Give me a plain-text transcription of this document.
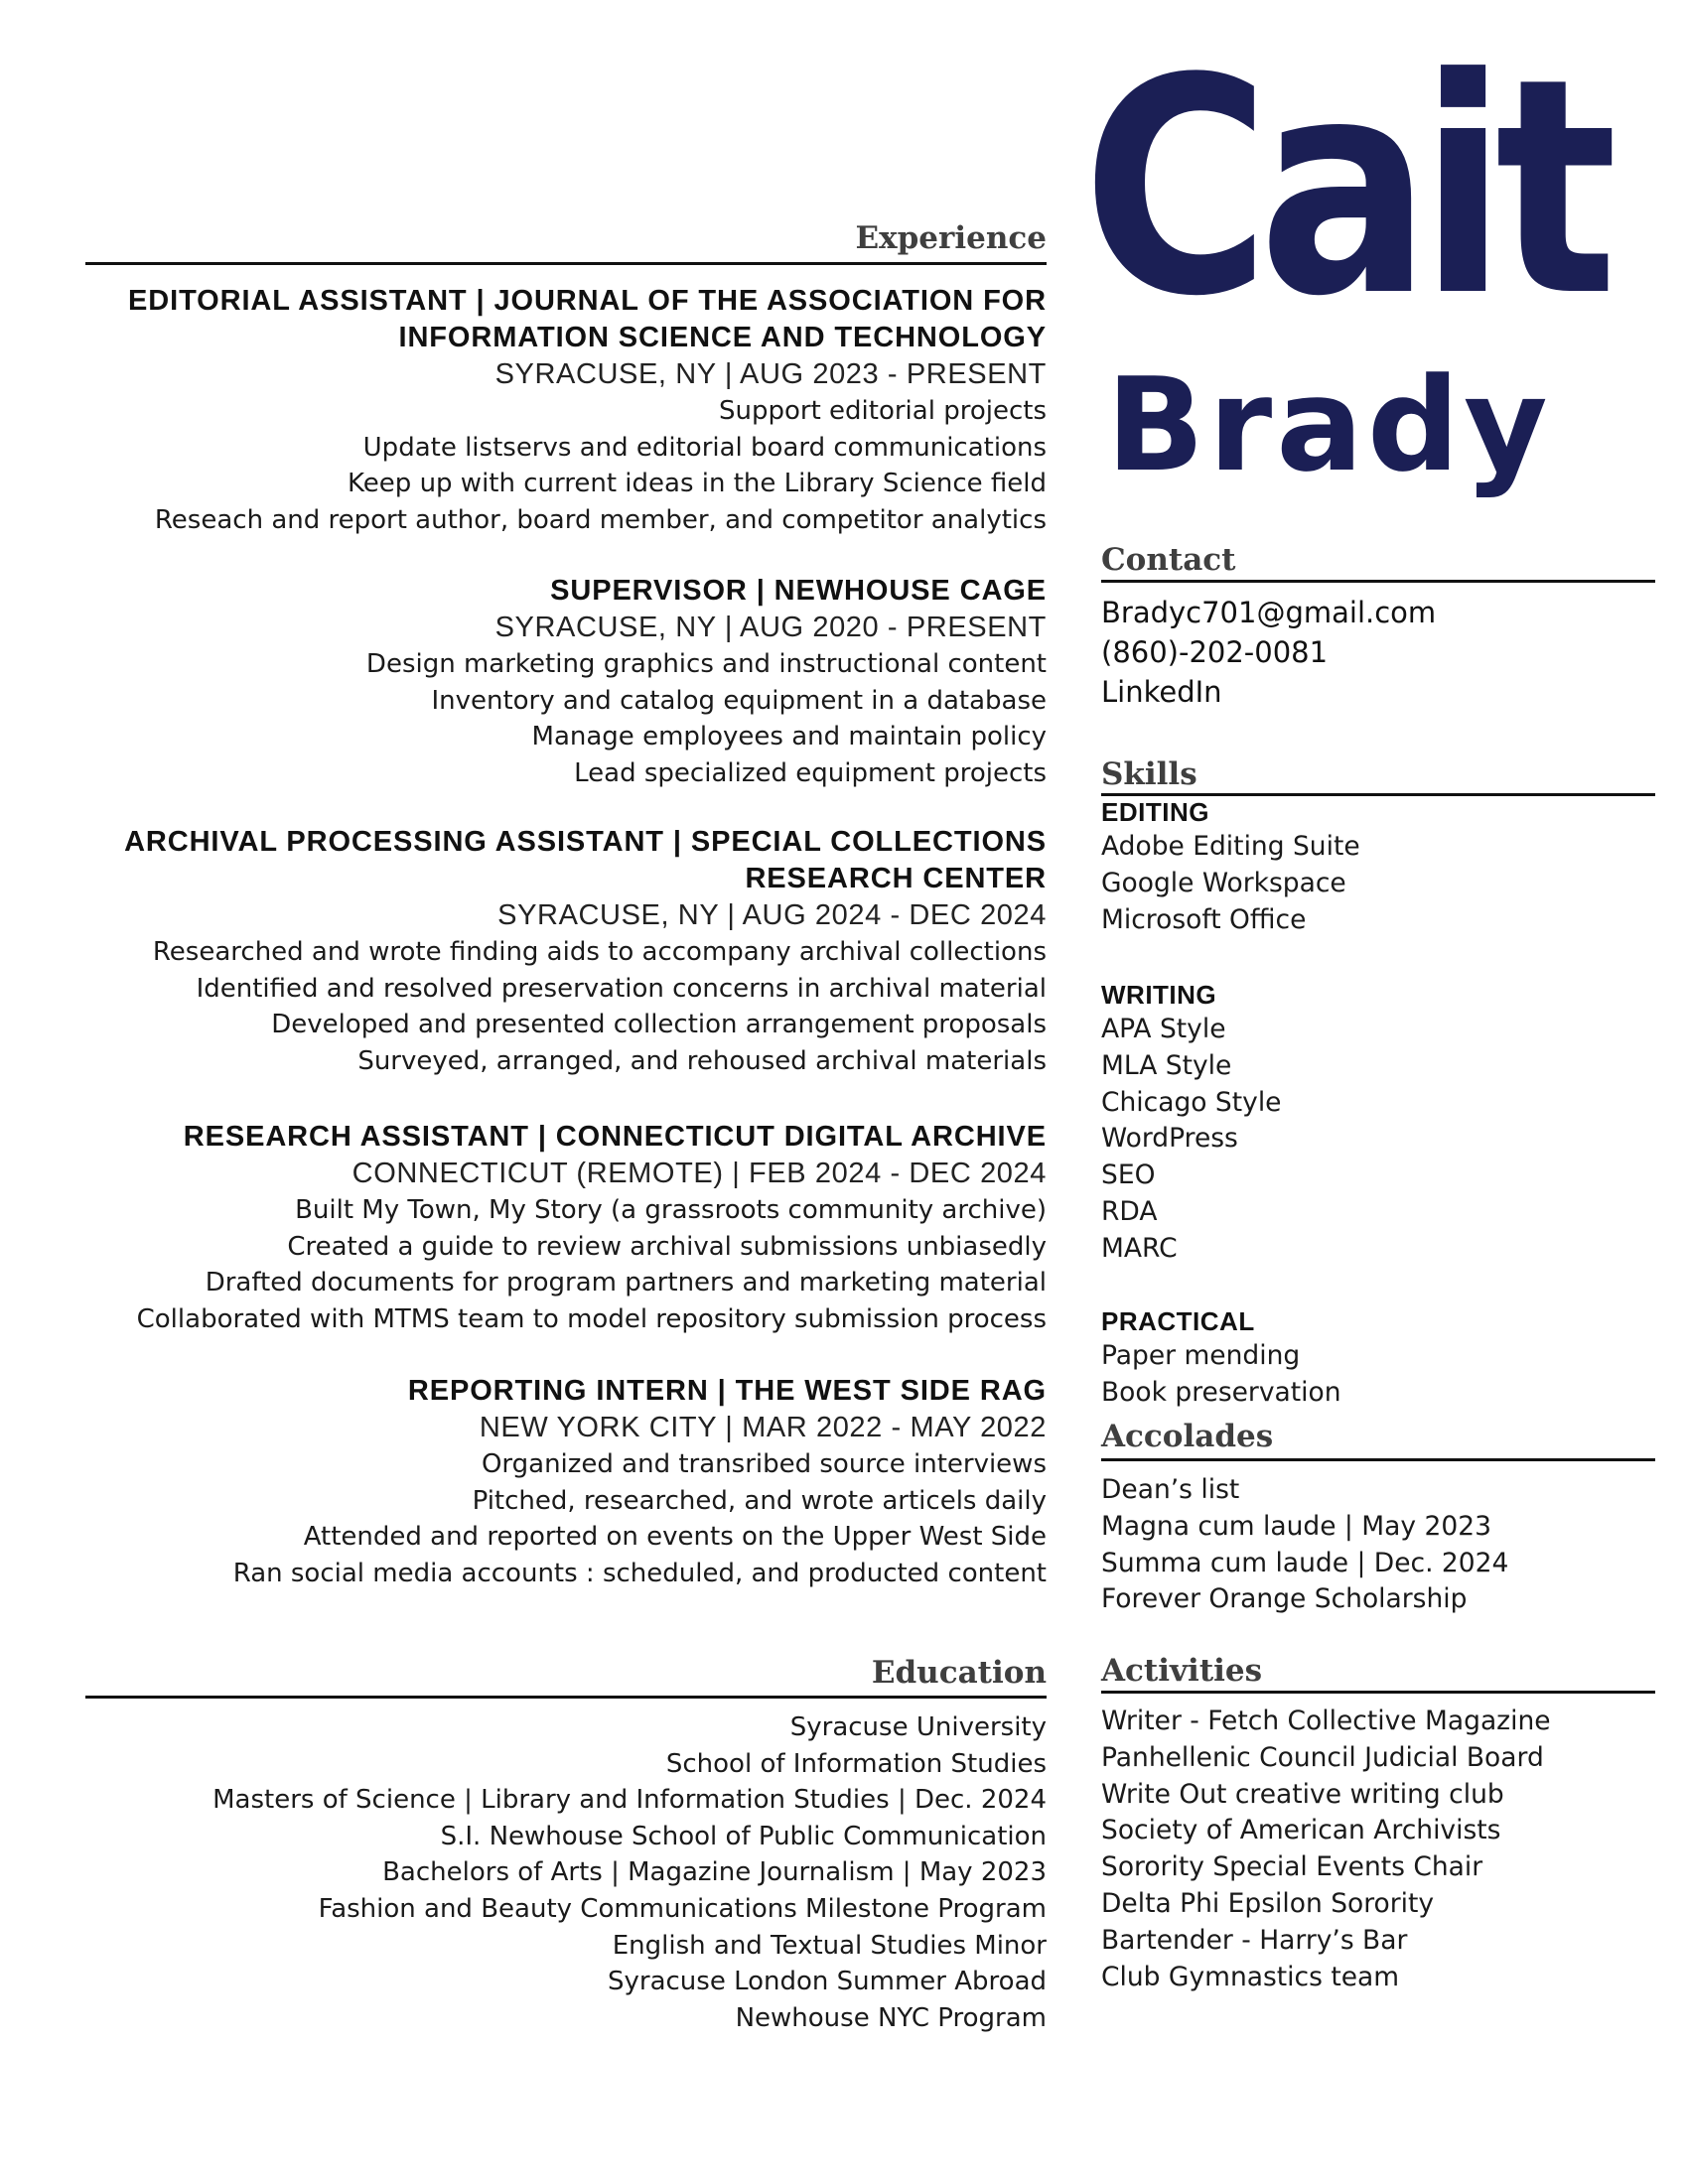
Cait
Brady
Experience
EDITORIAL ASSISTANT | JOURNAL OF THE ASSOCIATION FOR
INFORMATION SCIENCE AND TECHNOLOGY
SYRACUSE, NY | AUG 2023 - PRESENT
Support editorial projects
Update listservs and editorial board communications
Keep up with current ideas in the Library Science field
Reseach and report author, board member, and competitor analytics
SUPERVISOR | NEWHOUSE CAGE
SYRACUSE, NY | AUG 2020 - PRESENT
Design marketing graphics and instructional content
Inventory and catalog equipment in a database
Manage employees and maintain policy
Lead specialized equipment projects
ARCHIVAL PROCESSING ASSISTANT | SPECIAL COLLECTIONS
RESEARCH CENTER
SYRACUSE, NY | AUG 2024 - DEC 2024
Researched and wrote finding aids to accompany archival collections
Identified and resolved preservation concerns in archival material
Developed and presented collection arrangement proposals
Surveyed, arranged, and rehoused archival materials
RESEARCH ASSISTANT | CONNECTICUT DIGITAL ARCHIVE
CONNECTICUT (REMOTE) | FEB 2024 - DEC 2024
Built My Town, My Story (a grassroots community archive)
Created a guide to review archival submissions unbiasedly
Drafted documents for program partners and marketing material
Collaborated with MTMS team to model repository submission process
REPORTING INTERN | THE WEST SIDE RAG
NEW YORK CITY | MAR 2022 - MAY 2022
Organized and transribed source interviews
Pitched, researched, and wrote articels daily
Attended and reported on events on the Upper West Side
Ran social media accounts : scheduled, and producted content
Education
Syracuse University
School of Information Studies
Masters of Science | Library and Information Studies | Dec. 2024
S.I. Newhouse School of Public Communication
Bachelors of Arts | Magazine Journalism | May 2023
Fashion and Beauty Communications Milestone Program
English and Textual Studies Minor
Syracuse London Summer Abroad
Newhouse NYC Program
Contact
Bradyc701@gmail.com
(860)-202-0081
LinkedIn
Skills
EDITING
Adobe Editing Suite
Google Workspace
Microsoft Office
WRITING
APA Style
MLA Style
Chicago Style
WordPress
SEO
RDA
MARC
PRACTICAL
Paper mending
Book preservation
Accolades
Dean’s list
Magna cum laude | May 2023
Summa cum laude | Dec. 2024
Forever Orange Scholarship
Activities
Writer - Fetch Collective Magazine
Panhellenic Council Judicial Board
Write Out creative writing club
Society of American Archivists
Sorority Special Events Chair
Delta Phi Epsilon Sorority
Bartender - Harry’s Bar
Club Gymnastics team
